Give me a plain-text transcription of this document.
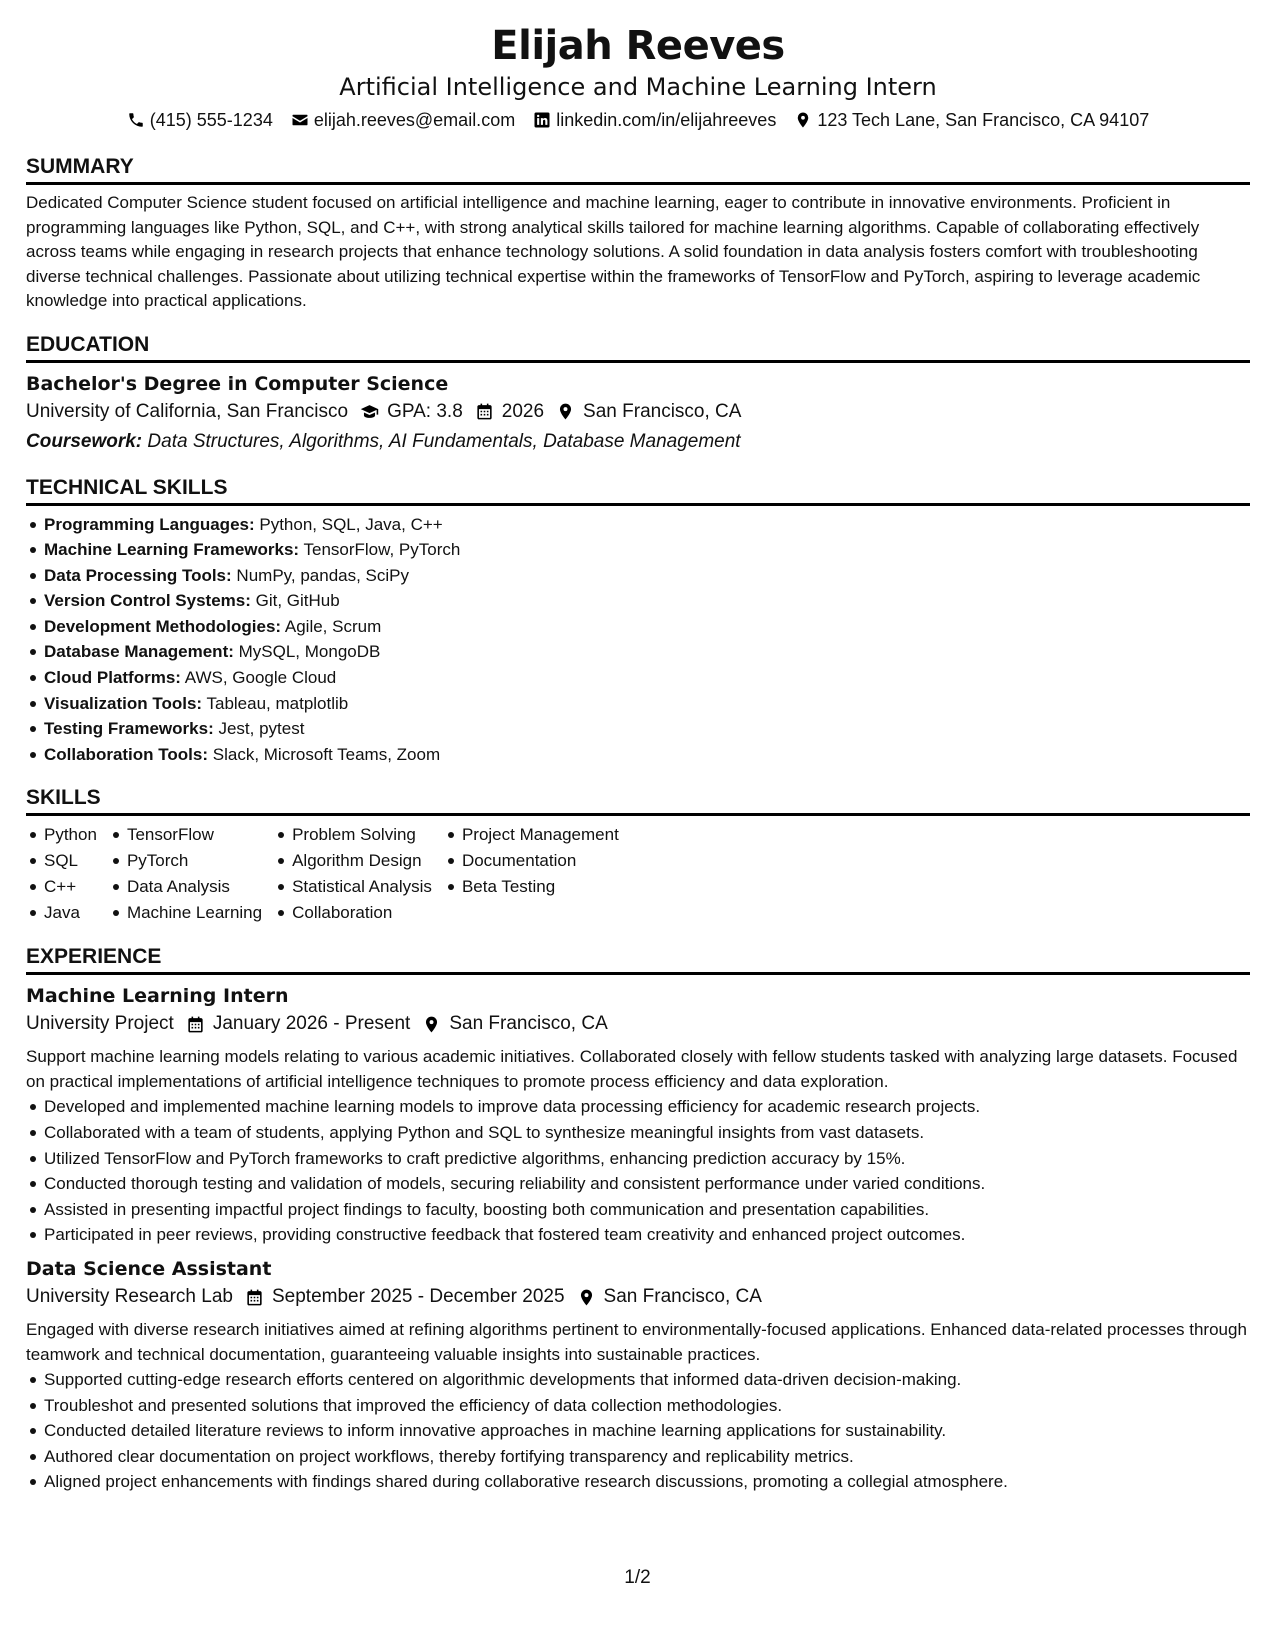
Elijah Reeves
Artificial Intelligence and Machine Learning Intern
(415) 555-1234 elijah.reeves@email.com linkedin.com/in/elijahreeves 123 Tech Lane, San Francisco, CA 94107
SUMMARY
Dedicated Computer Science student focused on artificial intelligence and machine learning, eager to contribute in innovative environments. Proficient in programming languages like Python, SQL, and C++, with strong analytical skills tailored for machine learning algorithms. Capable of collaborating effectively across teams while engaging in research projects that enhance technology solutions. A solid foundation in data analysis fosters comfort with troubleshooting diverse technical challenges. Passionate about utilizing technical expertise within the frameworks of TensorFlow and PyTorch, aspiring to leverage academic knowledge into practical applications.
EDUCATION
Bachelor's Degree in Computer Science
University of California, San Francisco GPA: 3.8 2026 San Francisco, CA
Coursework: Data Structures, Algorithms, AI Fundamentals, Database Management
TECHNICAL SKILLS
Programming Languages: Python, SQL, Java, C++
Machine Learning Frameworks: TensorFlow, PyTorch
Data Processing Tools: NumPy, pandas, SciPy
Version Control Systems: Git, GitHub
Development Methodologies: Agile, Scrum
Database Management: MySQL, MongoDB
Cloud Platforms: AWS, Google Cloud
Visualization Tools: Tableau, matplotlib
Testing Frameworks: Jest, pytest
Collaboration Tools: Slack, Microsoft Teams, Zoom
SKILLS
Python
SQL
C++
Java
TensorFlow
PyTorch
Data Analysis
Machine Learning
Problem Solving
Algorithm Design
Statistical Analysis
Collaboration
Project Management
Documentation
Beta Testing
EXPERIENCE
Machine Learning Intern
University Project January 2026 - Present San Francisco, CA
Support machine learning models relating to various academic initiatives. Collaborated closely with fellow students tasked with analyzing large datasets. Focused on practical implementations of artificial intelligence techniques to promote process efficiency and data exploration.
Developed and implemented machine learning models to improve data processing efficiency for academic research projects.
Collaborated with a team of students, applying Python and SQL to synthesize meaningful insights from vast datasets.
Utilized TensorFlow and PyTorch frameworks to craft predictive algorithms, enhancing prediction accuracy by 15%.
Conducted thorough testing and validation of models, securing reliability and consistent performance under varied conditions.
Assisted in presenting impactful project findings to faculty, boosting both communication and presentation capabilities.
Participated in peer reviews, providing constructive feedback that fostered team creativity and enhanced project outcomes.
Data Science Assistant
University Research Lab September 2025 - December 2025 San Francisco, CA
Engaged with diverse research initiatives aimed at refining algorithms pertinent to environmentally-focused applications. Enhanced data-related processes through teamwork and technical documentation, guaranteeing valuable insights into sustainable practices.
Supported cutting-edge research efforts centered on algorithmic developments that informed data-driven decision-making.
Troubleshot and presented solutions that improved the efficiency of data collection methodologies.
Conducted detailed literature reviews to inform innovative approaches in machine learning applications for sustainability.
Authored clear documentation on project workflows, thereby fortifying transparency and replicability metrics.
Aligned project enhancements with findings shared during collaborative research discussions, promoting a collegial atmosphere.
1/2
